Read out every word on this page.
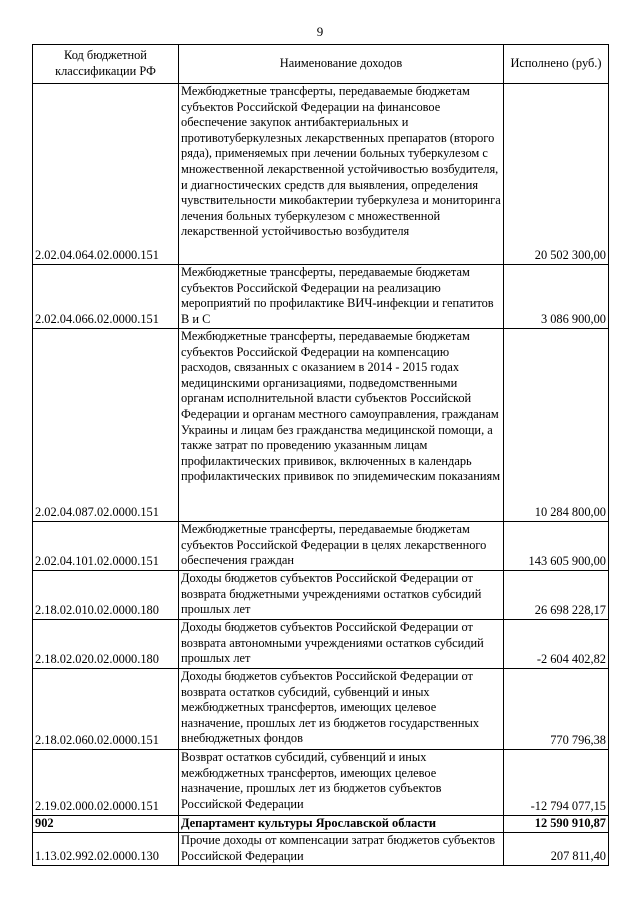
9
Код бюджетной классификации РФ	Наименование доходов	Исполнено (руб.)
2.02.04.064.02.0000.151	Межбюджетные трансферты, передаваемые бюджетам субъектов Российской Федерации на финансовое обеспечение закупок антибактериальных и противотуберкулезных лекарственных препаратов (второго ряда), применяемых при лечении больных туберкулезом с множественной лекарственной устойчивостью возбудителя, и диагностических средств для выявления, определения чувствительности микобактерии туберкулеза и мониторинга лечения больных туберкулезом с множественной лекарственной устойчивостью возбудителя	20 502 300,00
2.02.04.066.02.0000.151	Межбюджетные трансферты, передаваемые бюджетам субъектов Российской Федерации на реализацию мероприятий по профилактике ВИЧ-инфекции и гепатитов B и C	3 086 900,00
2.02.04.087.02.0000.151	Межбюджетные трансферты, передаваемые бюджетам субъектов Российской Федерации на компенсацию расходов, связанных с оказанием в 2014 - 2015 годах медицинскими организациями, подведомственными органам исполнительной власти субъектов Российской Федерации и органам местного самоуправления, гражданам Украины и лицам без гражданства медицинской помощи, а также затрат по проведению указанным лицам профилактических прививок, включенных в календарь профилактических прививок по эпидемическим показаниям	10 284 800,00
2.02.04.101.02.0000.151	Межбюджетные трансферты, передаваемые бюджетам субъектов Российской Федерации в целях лекарственного обеспечения граждан	143 605 900,00
2.18.02.010.02.0000.180	Доходы бюджетов субъектов Российской Федерации от возврата бюджетными учреждениями остатков субсидий прошлых лет	26 698 228,17
2.18.02.020.02.0000.180	Доходы бюджетов субъектов Российской Федерации от возврата автономными учреждениями остатков субсидий прошлых лет	-2 604 402,82
2.18.02.060.02.0000.151	Доходы бюджетов субъектов Российской Федерации от возврата остатков субсидий, субвенций и иных межбюджетных трансфертов, имеющих целевое назначение, прошлых лет из бюджетов государственных внебюджетных фондов	770 796,38
2.19.02.000.02.0000.151	Возврат остатков субсидий, субвенций и иных межбюджетных трансфертов, имеющих целевое назначение, прошлых лет из бюджетов субъектов Российской Федерации	-12 794 077,15
902	Департамент культуры Ярославской области	12 590 910,87
1.13.02.992.02.0000.130	Прочие доходы от компенсации затрат бюджетов субъектов Российской Федерации	207 811,40
